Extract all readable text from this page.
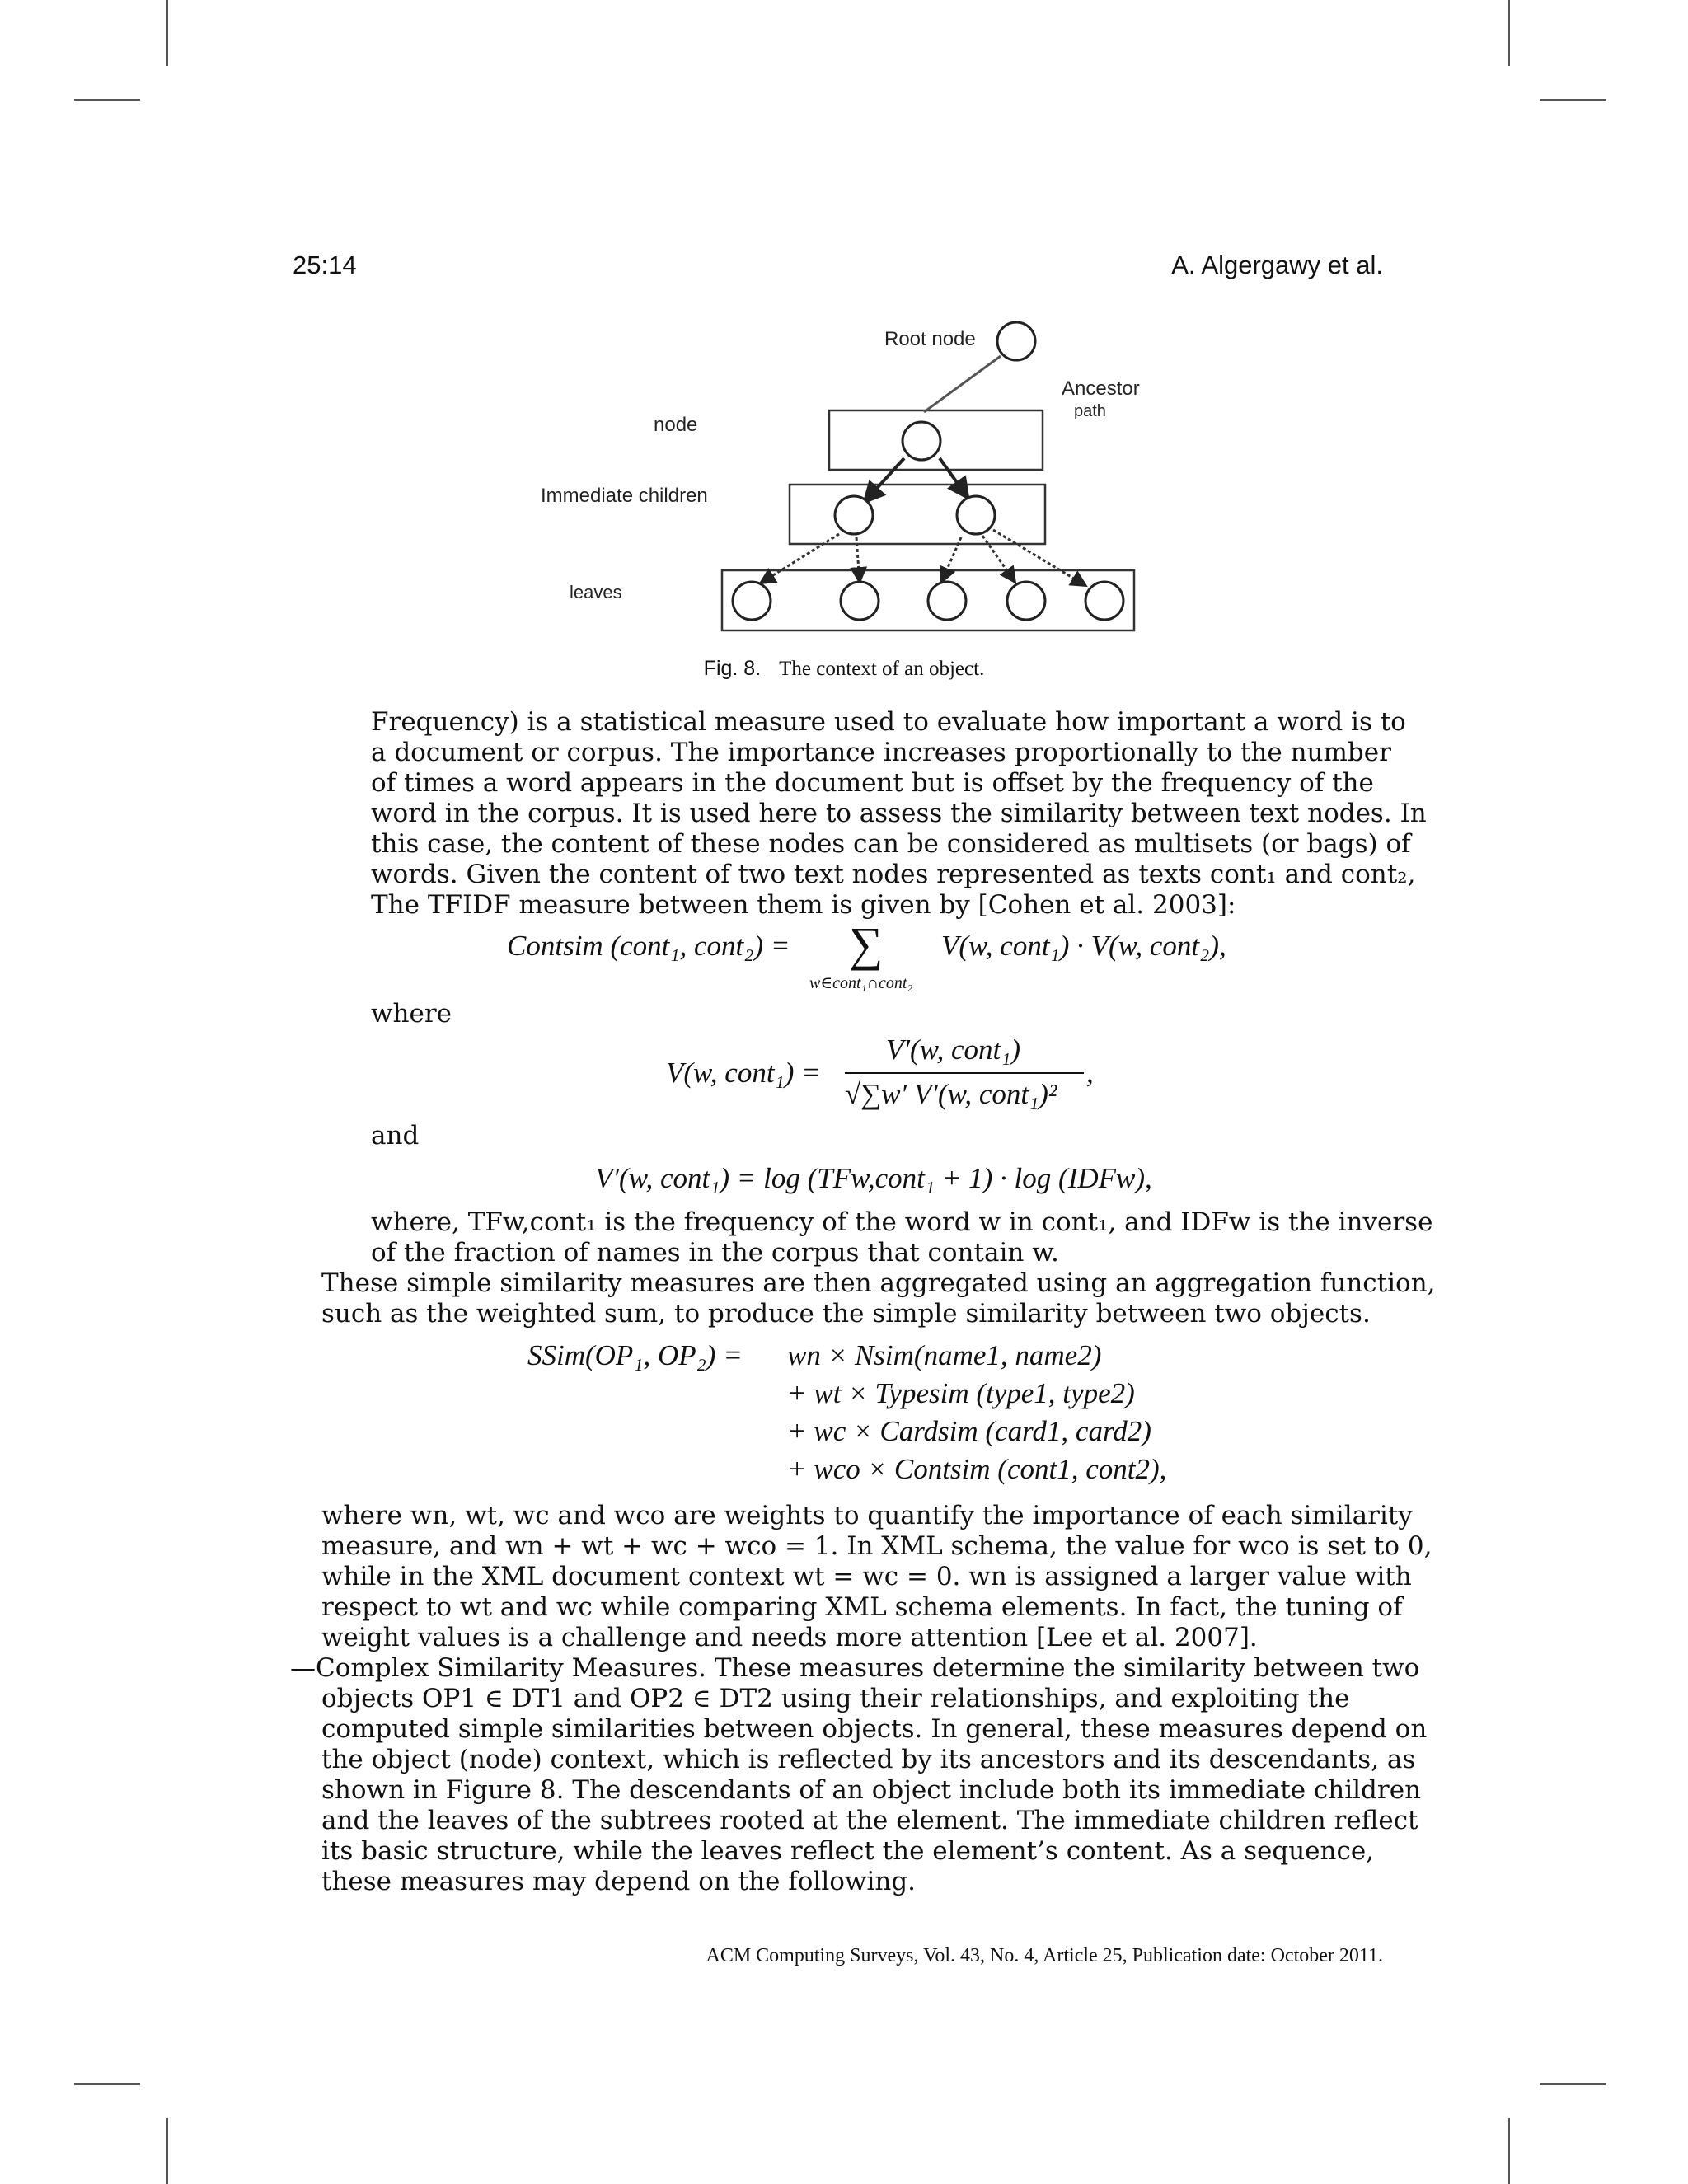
25:14	A. Algergawy et al.
Root node
Ancestor
path
node
Immediate children
leaves
Fig. 8. The context of an object.
Frequency) is a statistical measure used to evaluate how important a word is to
a document or corpus. The importance increases proportionally to the number
of times a word appears in the document but is offset by the frequency of the
word in the corpus. It is used here to assess the similarity between text nodes. In
this case, the content of these nodes can be considered as multisets (or bags) of
words. Given the content of two text nodes represented as texts cont₁ and cont₂,
The TFIDF measure between them is given by [Cohen et al. 2003]:
Contsim (cont₁, cont₂) = ∑
w∈cont₁∩cont₂
V(w, cont₁) · V(w, cont₂),
where
V(w, cont₁) =
V′(w, cont₁)
√∑w′ V′(w, cont₁)²
,
and
V′(w, cont₁) = log (TFw,cont₁ + 1) · log (IDFw),
where, TFw,cont₁ is the frequency of the word w in cont₁, and IDFw is the inverse
of the fraction of names in the corpus that contain w.
These simple similarity measures are then aggregated using an aggregation function,
such as the weighted sum, to produce the simple similarity between two objects.
SSim(OP₁, OP₂) = wn × Nsim(name1, name2)
+ wt × Typesim (type1, type2)
+ wc × Cardsim (card1, card2)
+ wco × Contsim (cont1, cont2),
where wn, wt, wc and wco are weights to quantify the importance of each similarity
measure, and wn + wt + wc + wco = 1. In XML schema, the value for wco is set to 0,
while in the XML document context wt = wc = 0. wn is assigned a larger value with
respect to wt and wc while comparing XML schema elements. In fact, the tuning of
weight values is a challenge and needs more attention [Lee et al. 2007].
—Complex Similarity Measures. These measures determine the similarity between two
objects OP1 ∈ DT1 and OP2 ∈ DT2 using their relationships, and exploiting the
computed simple similarities between objects. In general, these measures depend on
the object (node) context, which is reflected by its ancestors and its descendants, as
shown in Figure 8. The descendants of an object include both its immediate children
and the leaves of the subtrees rooted at the element. The immediate children reflect
its basic structure, while the leaves reflect the element’s content. As a sequence,
these measures may depend on the following.
ACM Computing Surveys, Vol. 43, No. 4, Article 25, Publication date: October 2011.
